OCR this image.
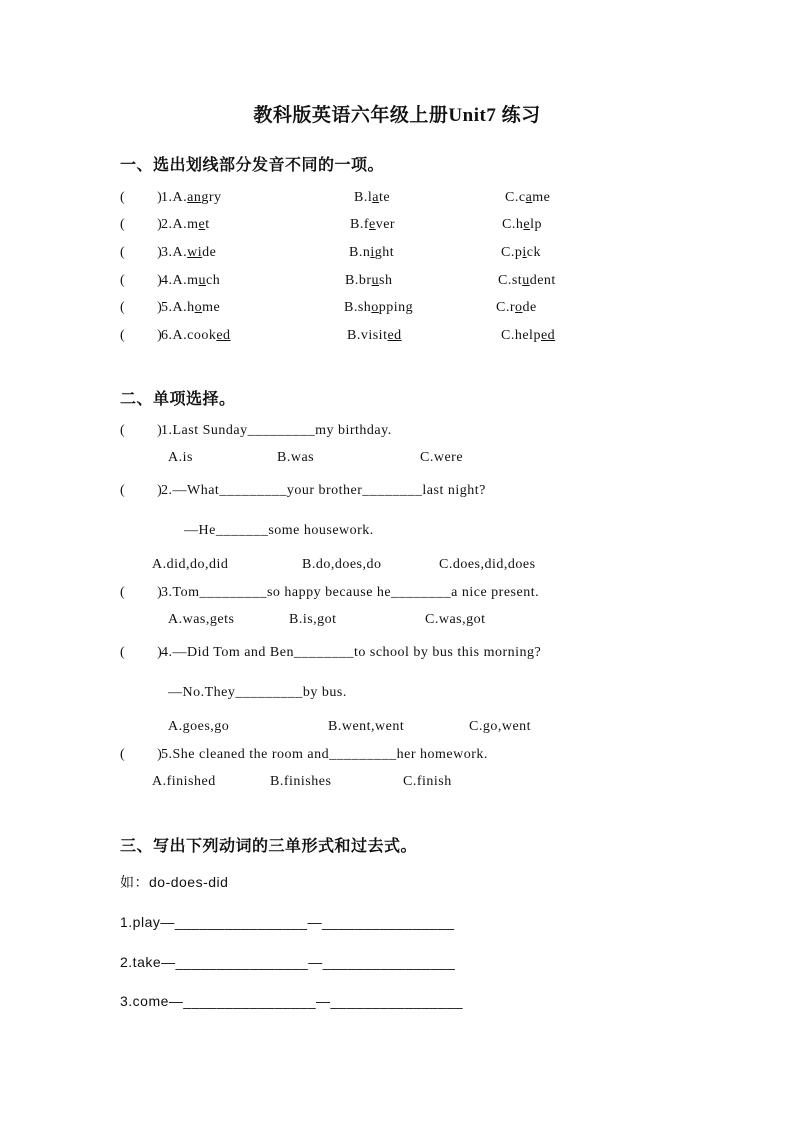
教科版英语六年级上册Unit7 练习
一、选出划线部分发音不同的一项。
(        )
1.A.angry	B.late	C.came
(        )
2.A.met	B.fever	C.help
(        )
3.A.wide	B.night	C.pick
(        )
4.A.much	B.brush	C.student
(        )
5.A.home	B.shopping	C.rode
(        )
6.A.cooked	B.visited	C.helped
二、单项选择。
(        )
1.Last Sunday_________my birthday.
A.is	B.was	C.were
(        )
2.—What_________your brother________last night?
—He_______some housework.
A.did,do,did	B.do,does,do	C.does,did,does
(        )
3.Tom_________so happy because he________a nice present.
A.was,gets	B.is,got	C.was,got
(        )
4.—Did Tom and Ben________to school by bus this morning?
—No.They_________by bus.
A.goes,go	B.went,went	C.go,went
(        )
5.She cleaned the room and_________her homework.
A.finished	B.finishes	C.finish
三、写出下列动词的三单形式和过去式。
如：do-does-did
1.play—________________—________________
2.take—________________—________________
3.come—________________—________________
